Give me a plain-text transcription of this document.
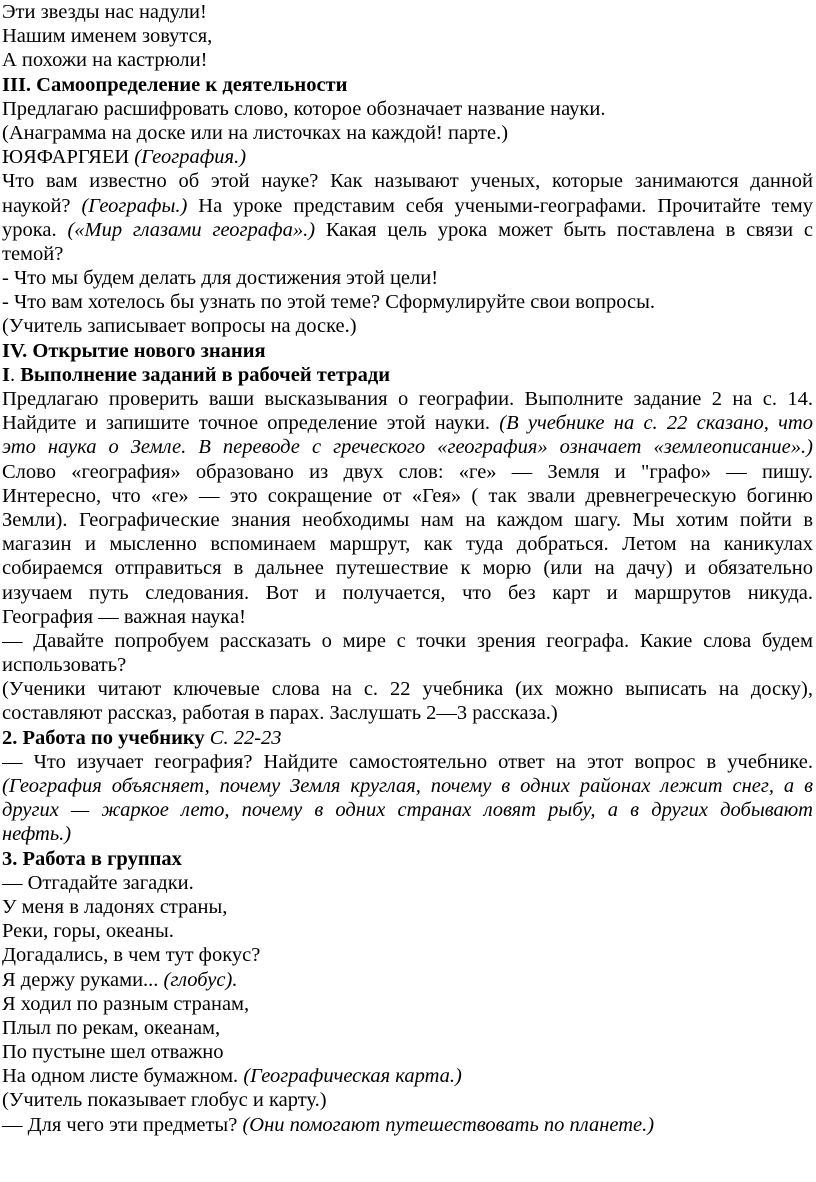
Эти звезды нас надули!
Нашим именем зовутся,
А похожи на кастрюли!
III. Самоопределение к деятельности
Предлагаю расшифровать слово, которое обозначает название науки.
(Анаграмма на доске или на листочках на каждой! парте.)
ЮЯФАРГЯЕИ (География.)
Что вам известно об этой науке? Как называют ученых, которые занимаются данной
наукой? (Географы.) На уроке представим себя учеными-географами. Прочитайте тему
урока. («Мир глазами географа».) Какая цель урока может быть поставлена в связи с
темой?
- Что мы будем делать для достижения этой цели!
- Что вам хотелось бы узнать по этой теме? Сформулируйте свои вопросы.
(Учитель записывает вопросы на доске.)
IV. Открытие нового знания
I. Выполнение заданий в рабочей тетради
Предлагаю проверить ваши высказывания о географии. Выполните задание 2 на с. 14.
Найдите и запишите точное определение этой науки. (В учебнике на с. 22 сказано, что
это наука о Земле. В переводе с греческого «география» означает «землеописание».)
Слово «география» образовано из двух слов: «ге» — Земля и "графо» — пишу.
Интересно, что «ге» — это сокращение от «Гея» ( так звали древнегреческую богиню
Земли). Географические знания необходимы нам на каждом шагу. Мы хотим пойти в
магазин и мысленно вспоминаем маршрут, как туда добраться. Летом на каникулах
собираемся отправиться в дальнее путешествие к морю (или на дачу) и обязательно
изучаем путь следования. Вот и получается, что без карт и маршрутов никуда.
География — важная наука!
— Давайте попробуем рассказать о мире с точки зрения географа. Какие слова будем
использовать?
(Ученики читают ключевые слова на с. 22 учебника (их можно выписать на доску),
составляют рассказ, работая в парах. Заслушать 2—3 рассказа.)
2. Работа по учебнику С. 22-23
— Что изучает география? Найдите самостоятельно ответ на этот вопрос в учебнике.
(География объясняет, почему Земля круглая, почему в одних районах лежит снег, а в
других — жаркое лето, почему в одних странах ловят рыбу, а в других добывают
нефть.)
3. Работа в группах
— Отгадайте загадки.
У меня в ладонях страны,
Реки, горы, океаны.
Догадались, в чем тут фокус?
Я держу руками... (глобус).
Я ходил по разным странам,
Плыл по рекам, океанам,
По пустыне шел отважно
На одном листе бумажном. (Географическая карта.)
(Учитель показывает глобус и карту.)
— Для чего эти предметы? (Они помогают путешествовать по планете.)
